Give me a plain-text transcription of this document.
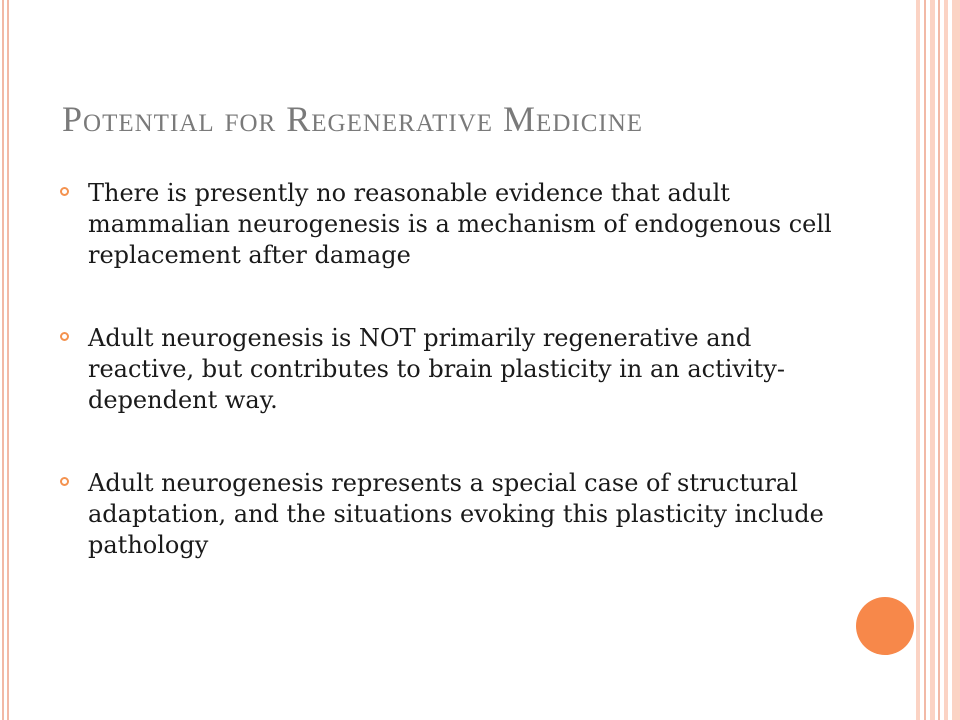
Potential for Regenerative Medicine
There is presently no reasonable evidence that adult mammalian neurogenesis is a mechanism of endogenous cell replacement after damage
Adult neurogenesis is NOT primarily regenerative and reactive, but contributes to brain plasticity in an activity-dependent way.
Adult neurogenesis represents a special case of structural adaptation, and the situations evoking this plasticity include pathology
